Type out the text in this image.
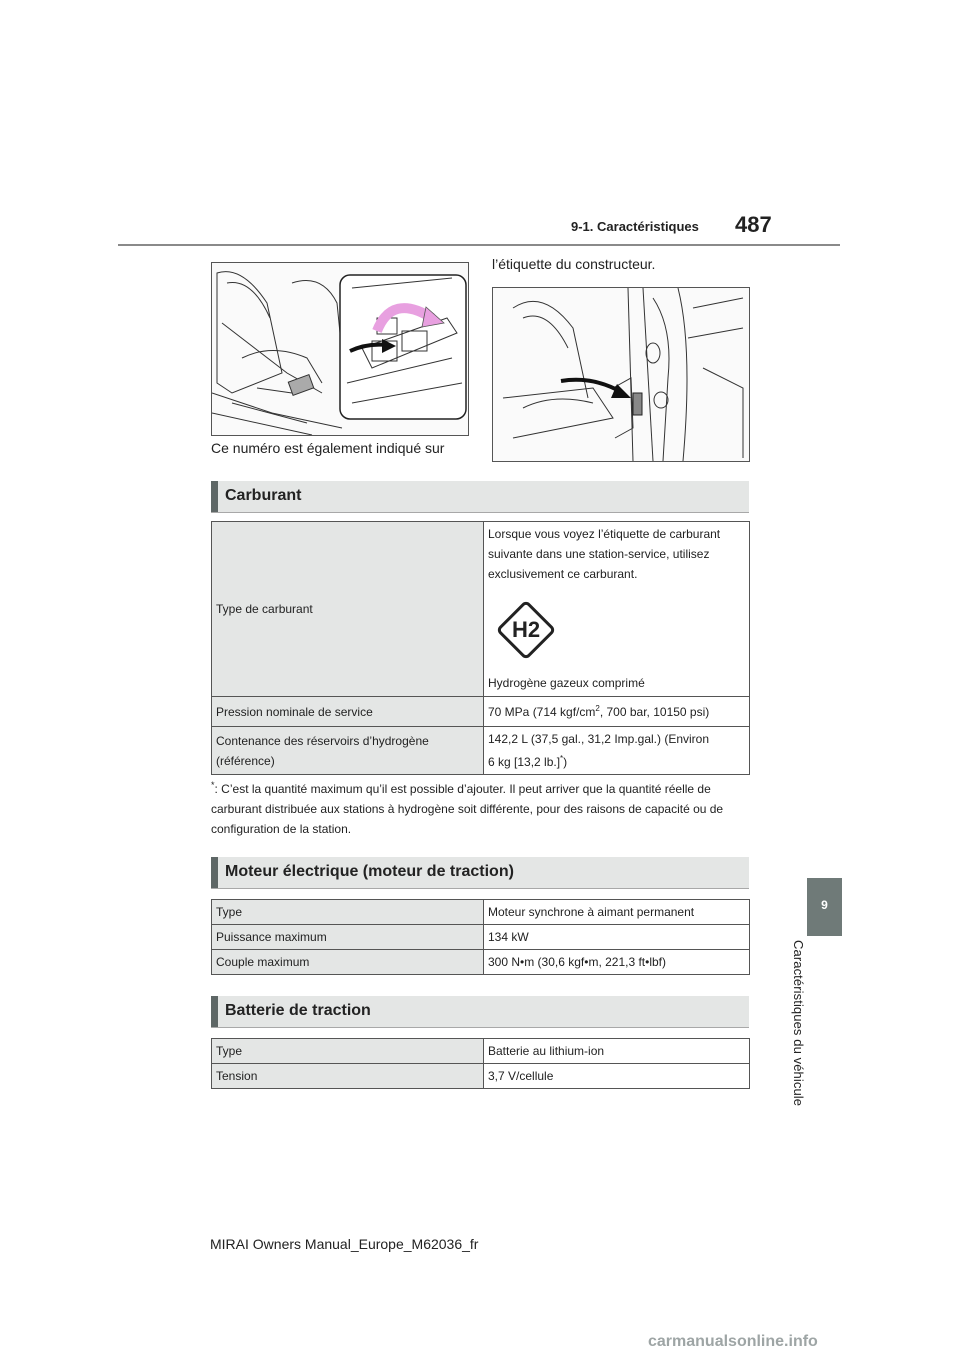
9-1. Caractéristiques 487
9
Caractéristiques du véhicule
l’étiquette du constructeur.
Ce numéro est également indiqué sur
Carburant
Type de carburant	Lorsque vous voyez l’étiquette de carburant suivante dans une station-service, utilisez exclusivement ce carburant.
H2
Hydrogène gazeux comprimé

Pression nominale de service	70 MPa (714 kgf/$cm^2$, 700 bar, 10150 psi)
Contenance des réservoirs d’hydrogène (référence)	142,2 L (37,5 gal., 31,2 Imp.gal.) (Environ
6 kg [13,2 lb.]*)
*: C’est la quantité maximum qu’il est possible d’ajouter. Il peut arriver que la quantité réelle de carburant distribuée aux stations à hydrogène soit différente, pour des raisons de capacité ou de configuration de la station.
Moteur électrique (moteur de traction)
Type	Moteur synchrone à aimant permanent
Puissance maximum	134 kW
Couple maximum	300 N•m (30,6 kgf•m, 221,3 ft•lbf)
Batterie de traction
Type	Batterie au lithium-ion
Tension	3,7 V/cellule
MIRAI Owners Manual_Europe_M62036_fr
carmanualsonline.info
